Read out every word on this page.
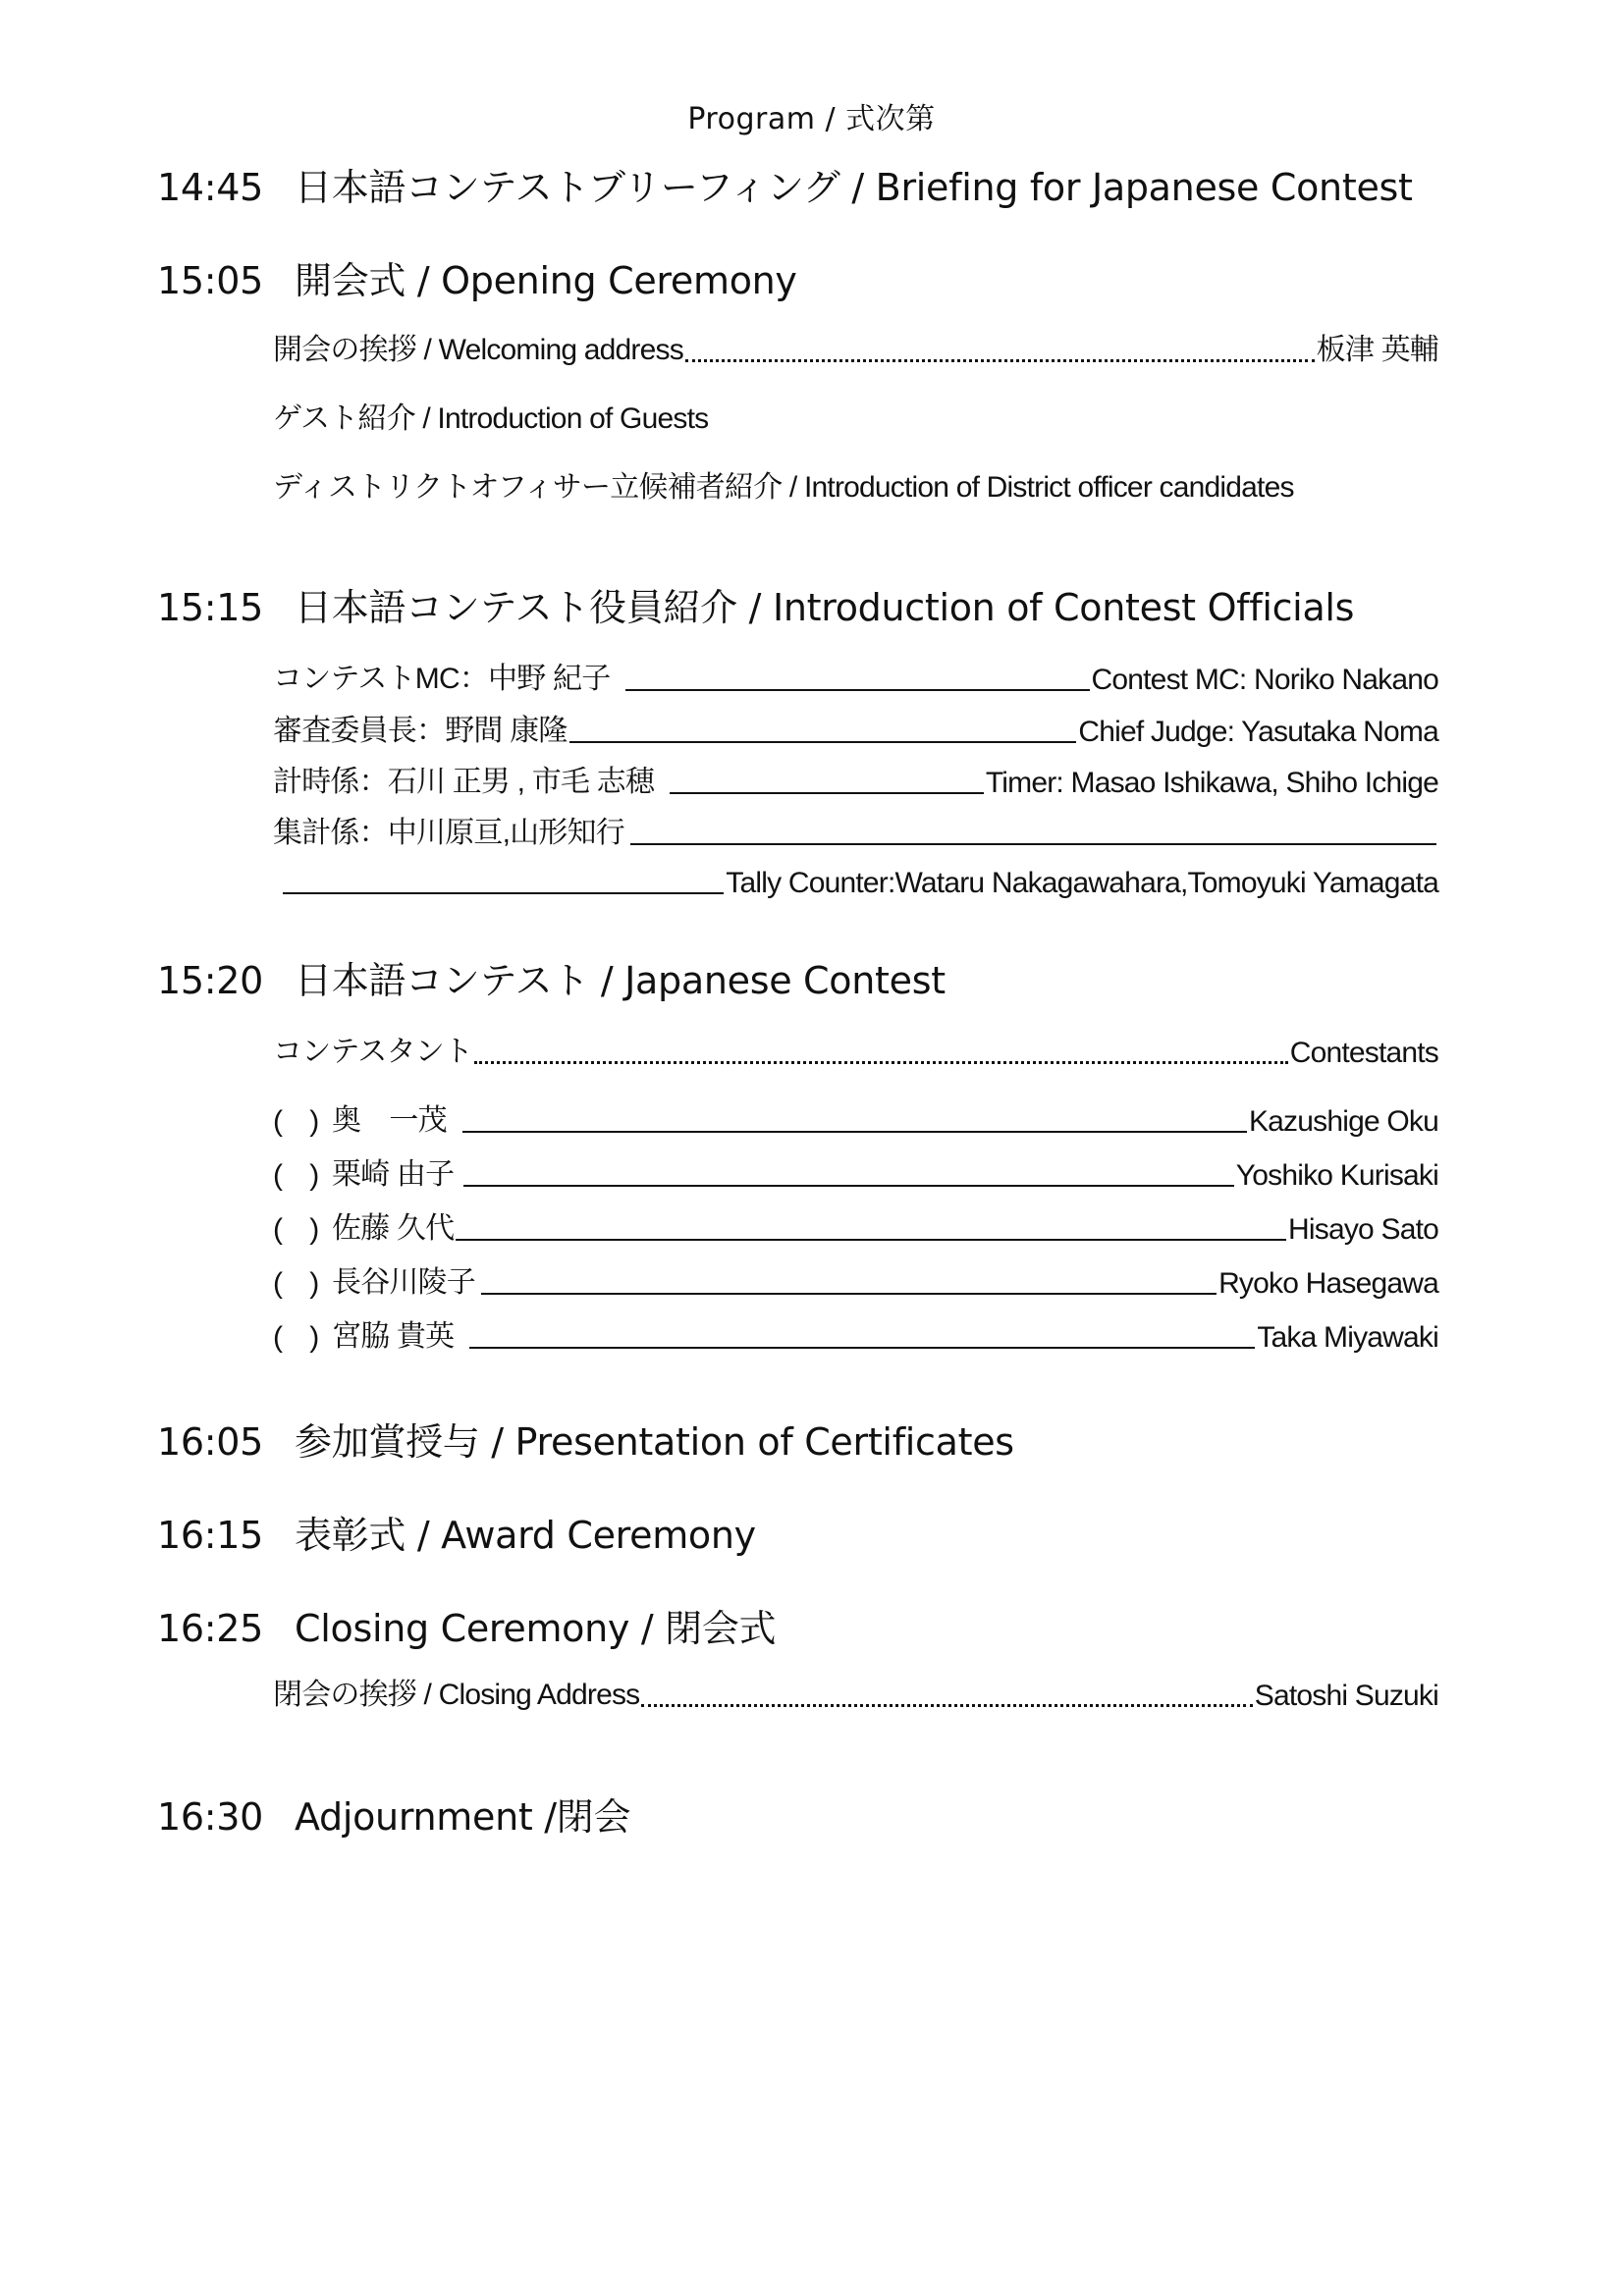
Program / 式次第
14:45 日本語コンテストブリーフィング / Briefing for Japanese Contest
15:05 開会式 / Opening Ceremony
開会の挨拶 / Welcoming address	板津 英輔
ゲスト紹介 / Introduction of Guests
ディストリクトオフィサー立候補者紹介 / Introduction of District officer candidates
15:15 日本語コンテスト役員紹介 / Introduction of Contest Officials
コンテストMC：中野 紀子	Contest MC: Noriko Nakano
審査委員長：野間 康隆	Chief Judge: Yasutaka Noma
計時係：石川 正男 , 市毛 志穂	Timer: Masao Ishikawa, Shiho Ichige
集計係：中川原亘,山形知行
Tally Counter:Wataru Nakagawahara,Tomoyuki Yamagata
15:20 日本語コンテスト / Japanese Contest
コンテスタント	Contestants
( ) 奥　一茂	Kazushige Oku
( ) 栗崎 由子	Yoshiko Kurisaki
( ) 佐藤 久代	Hisayo Sato
( ) 長谷川陵子	Ryoko Hasegawa
( ) 宮脇 貴英	Taka Miyawaki
16:05 参加賞授与 / Presentation of Certificates
16:15 表彰式 / Award Ceremony
16:25 Closing Ceremony / 閉会式
閉会の挨拶 / Closing Address	Satoshi Suzuki
16:30 Adjournment /閉会
